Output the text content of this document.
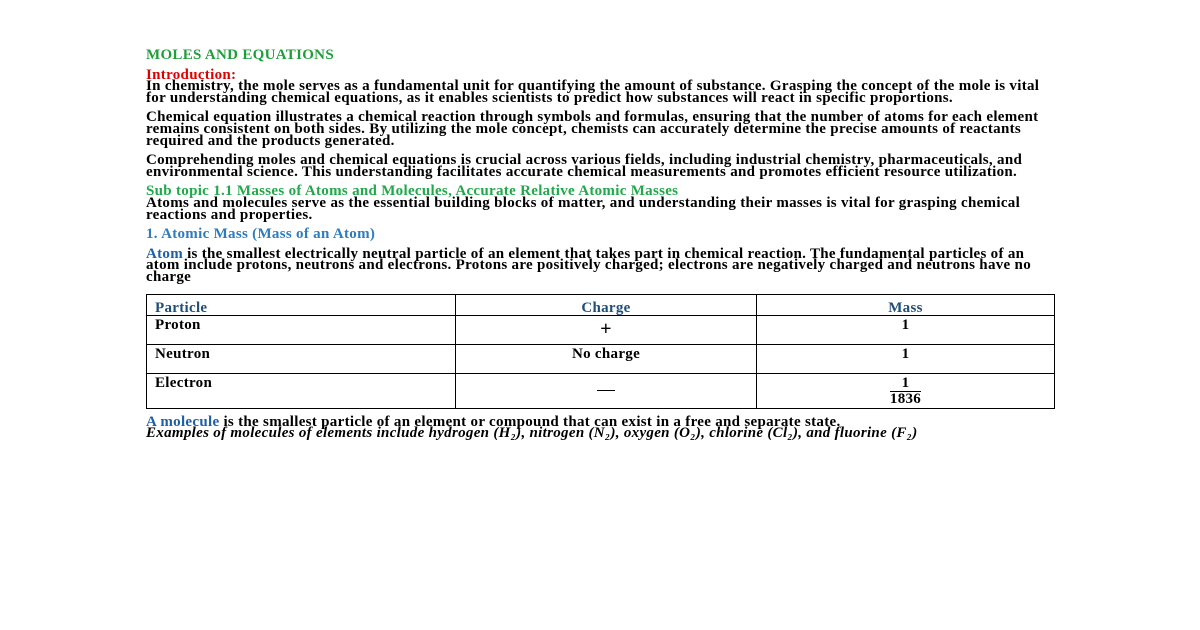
MOLES AND EQUATIONS
Introduction:

In chemistry, the mole serves as a fundamental unit for quantifying the amount of substance. Grasping the concept of the mole is vital for understanding chemical equations, as it enables scientists to predict how substances will react in specific proportions.

Chemical equation illustrates a chemical reaction through symbols and formulas, ensuring that the number of atoms for each element remains consistent on both sides. By utilizing the mole concept, chemists can accurately determine the precise amounts of reactants required and the products generated.

Comprehending moles and chemical equations is crucial across various fields, including industrial chemistry, pharmaceuticals, and environmental science. This understanding facilitates accurate chemical measurements and promotes efficient resource utilization.

Sub topic 1.1 Masses of Atoms and Molecules, Accurate Relative Atomic Masses
Atoms and molecules serve as the essential building blocks of matter, and understanding their masses is vital for grasping chemical reactions and properties.
1. Atomic Mass (Mass of an Atom)
Atom is the smallest electrically neutral particle of an element that takes part in chemical reaction. The fundamental particles of an atom include protons, neutrons and electrons. Protons are positively charged; electrons are negatively charged and neutrons have no charge
Particle	Charge	Mass
Proton	+	1
Neutron	No charge	1
Electron		$\frac{1}{1836}$
A molecule is the smallest particle of an element or compound that can exist in a free and separate state.
Examples of molecules of elements include hydrogen (H₂), nitrogen (N₂), oxygen (O₂), chlorine (Cl₂), and fluorine (F₂)
